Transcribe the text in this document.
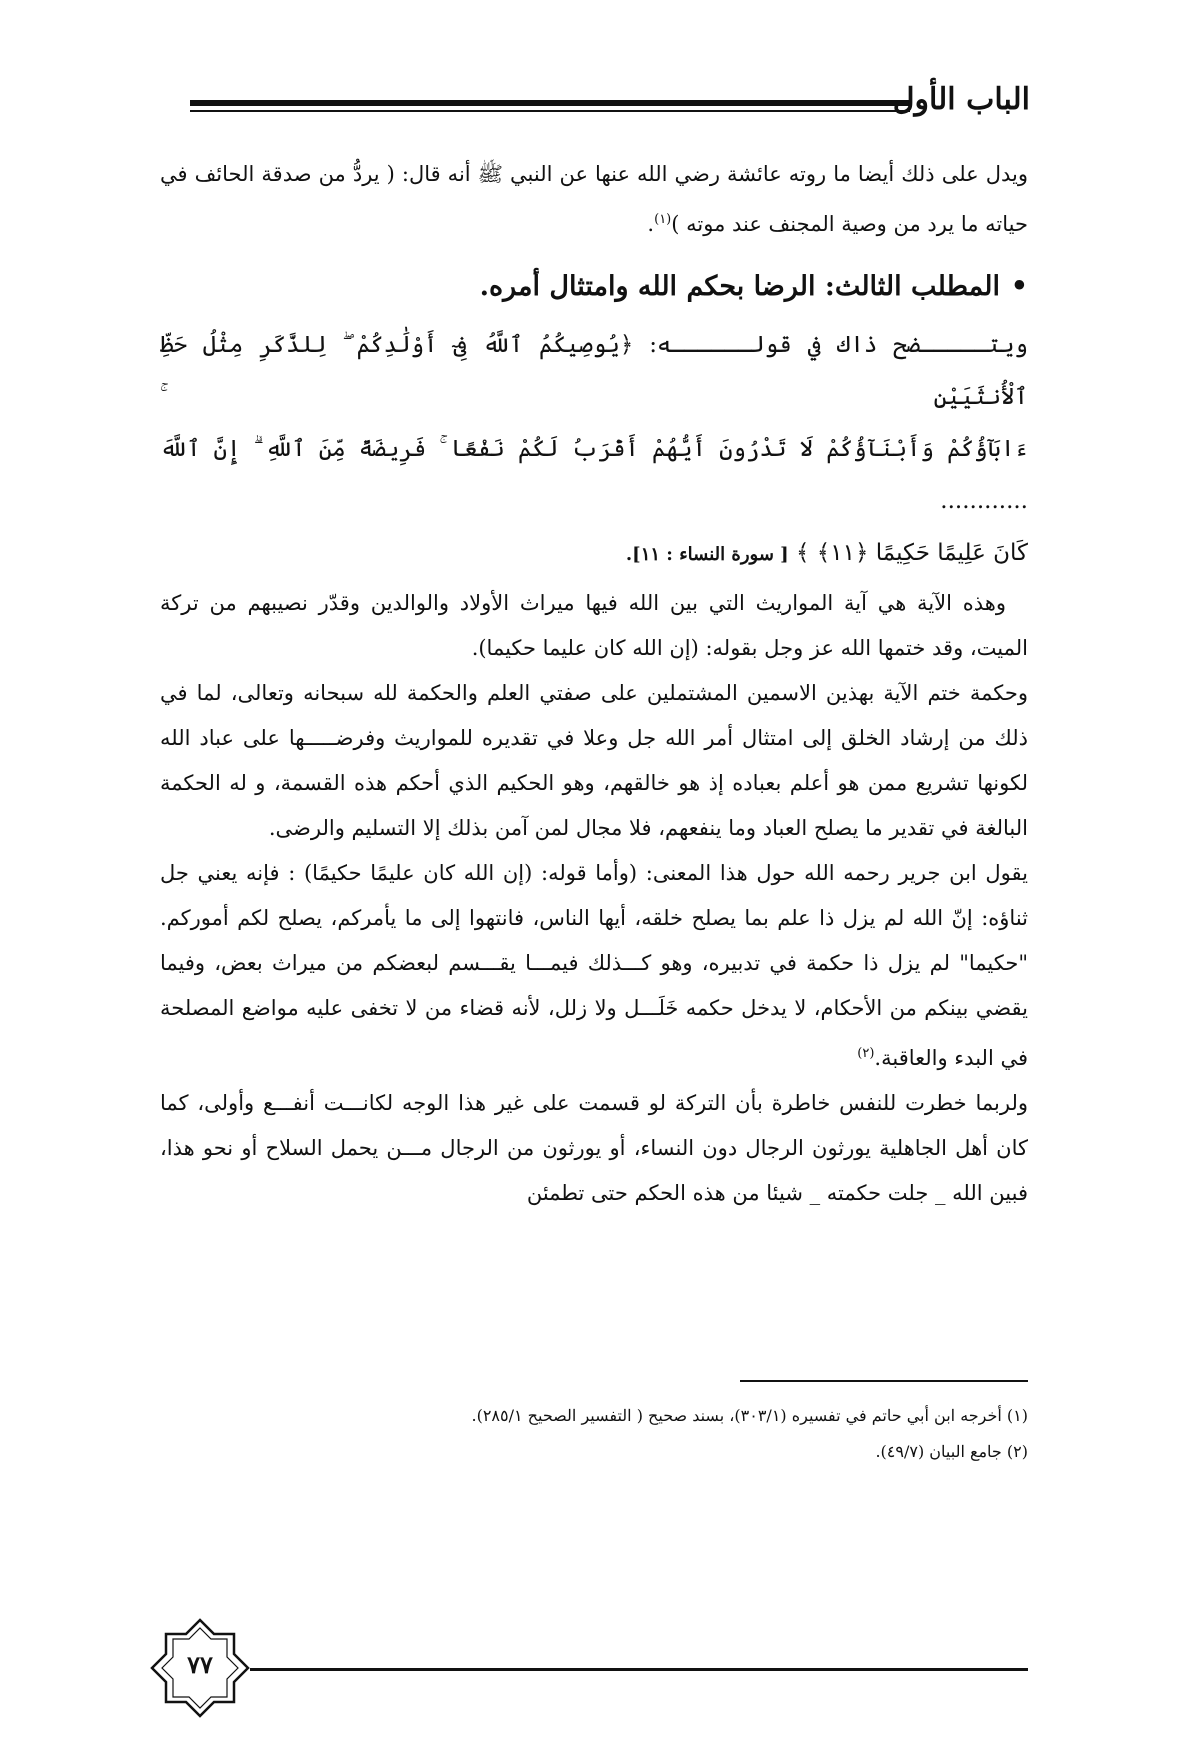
الباب الأول
ويدل على ذلك أيضا ما روته عائشة رضي الله عنها عن النبي ﷺ أنه قال: ( يردُّ من صدقة الحائف في حياته ما يرد من وصية المجنف عند موته )$^{(١)}$.
•
المطلب الثالث: الرضا بحكم الله وامتثال أمره.

ويتـــــضح ذاك في قولــــــه: ﴿يُوصِيكُمُ ٱللَّهُ فِىٓ أَوْلَٰدِكُمْ ۖ لِلذَّكَرِ مِثْلُ حَظِّ ٱلْأُنثَيَيْنِ ۚ

ءَابَآؤُكُمْ وَأَبْنَآؤُكُمْ لَا تَدْرُونَ أَيُّهُمْ أَقْرَبُ لَكُمْ نَفْعًا ۚ فَرِيضَةً مِّنَ ٱللَّهِ ۗ إِنَّ ٱللَّهَ ............

كَانَ عَلِيمًا حَكِيمًا ﴿١١﴾ ﴾ [ سورة النساء : ١١].

وهذه الآية هي آية المواريث التي بين الله فيها ميراث الأولاد والوالدين وقدّر نصيبهم من تركة الميت، وقد ختمها الله عز وجل بقوله: (إن الله كان عليما حكيما).
وحكمة ختم الآية بهذين الاسمين المشتملين على صفتي العلم والحكمة لله سبحانه وتعالى، لما في ذلك من إرشاد الخلق إلى امتثال أمر الله جل وعلا في تقديره للمواريث وفرضـــــها على عباد الله لكونها تشريع ممن هو أعلم بعباده إذ هو خالقهم، وهو الحكيم الذي أحكم هذه القسمة، و له الحكمة البالغة في تقدير ما يصلح العباد وما ينفعهم، فلا مجال لمن آمن بذلك إلا التسليم والرضى.
يقول ابن جرير رحمه الله حول هذا المعنى: (وأما قوله: (إن الله كان عليمًا حكيمًا) : فإنه يعني جل ثناؤه: إنّ الله لم يزل ذا علم بما يصلح خلقه، أيها الناس، فانتهوا إلى ما يأمركم، يصلح لكم أموركم. "حكيما" لم يزل ذا حكمة في تدبيره، وهو كـــذلك فيمـــا يقـــسم لبعضكم من ميراث بعض، وفيما يقضي بينكم من الأحكام، لا يدخل حكمه خَلَـــل ولا زلل، لأنه قضاء من لا تخفى عليه مواضع المصلحة في البدء والعاقبة.$^{(٢)}$
ولربما خطرت للنفس خاطرة بأن التركة لو قسمت على غير هذا الوجه لكانـــت أنفـــع وأولى، كما كان أهل الجاهلية يورثون الرجال دون النساء، أو يورثون من الرجال مـــن يحمل السلاح أو نحو هذا، فبين الله _ جلت حكمته _ شيئا من هذه الحكم حتى تطمئن

(١) أخرجه ابن أبي حاتم في تفسيره (٣٠٣/١)، بسند صحيح ( التفسير الصحيح ٢٨٥/١).

(٢) جامع البيان (٤٩/٧).

٧٧
